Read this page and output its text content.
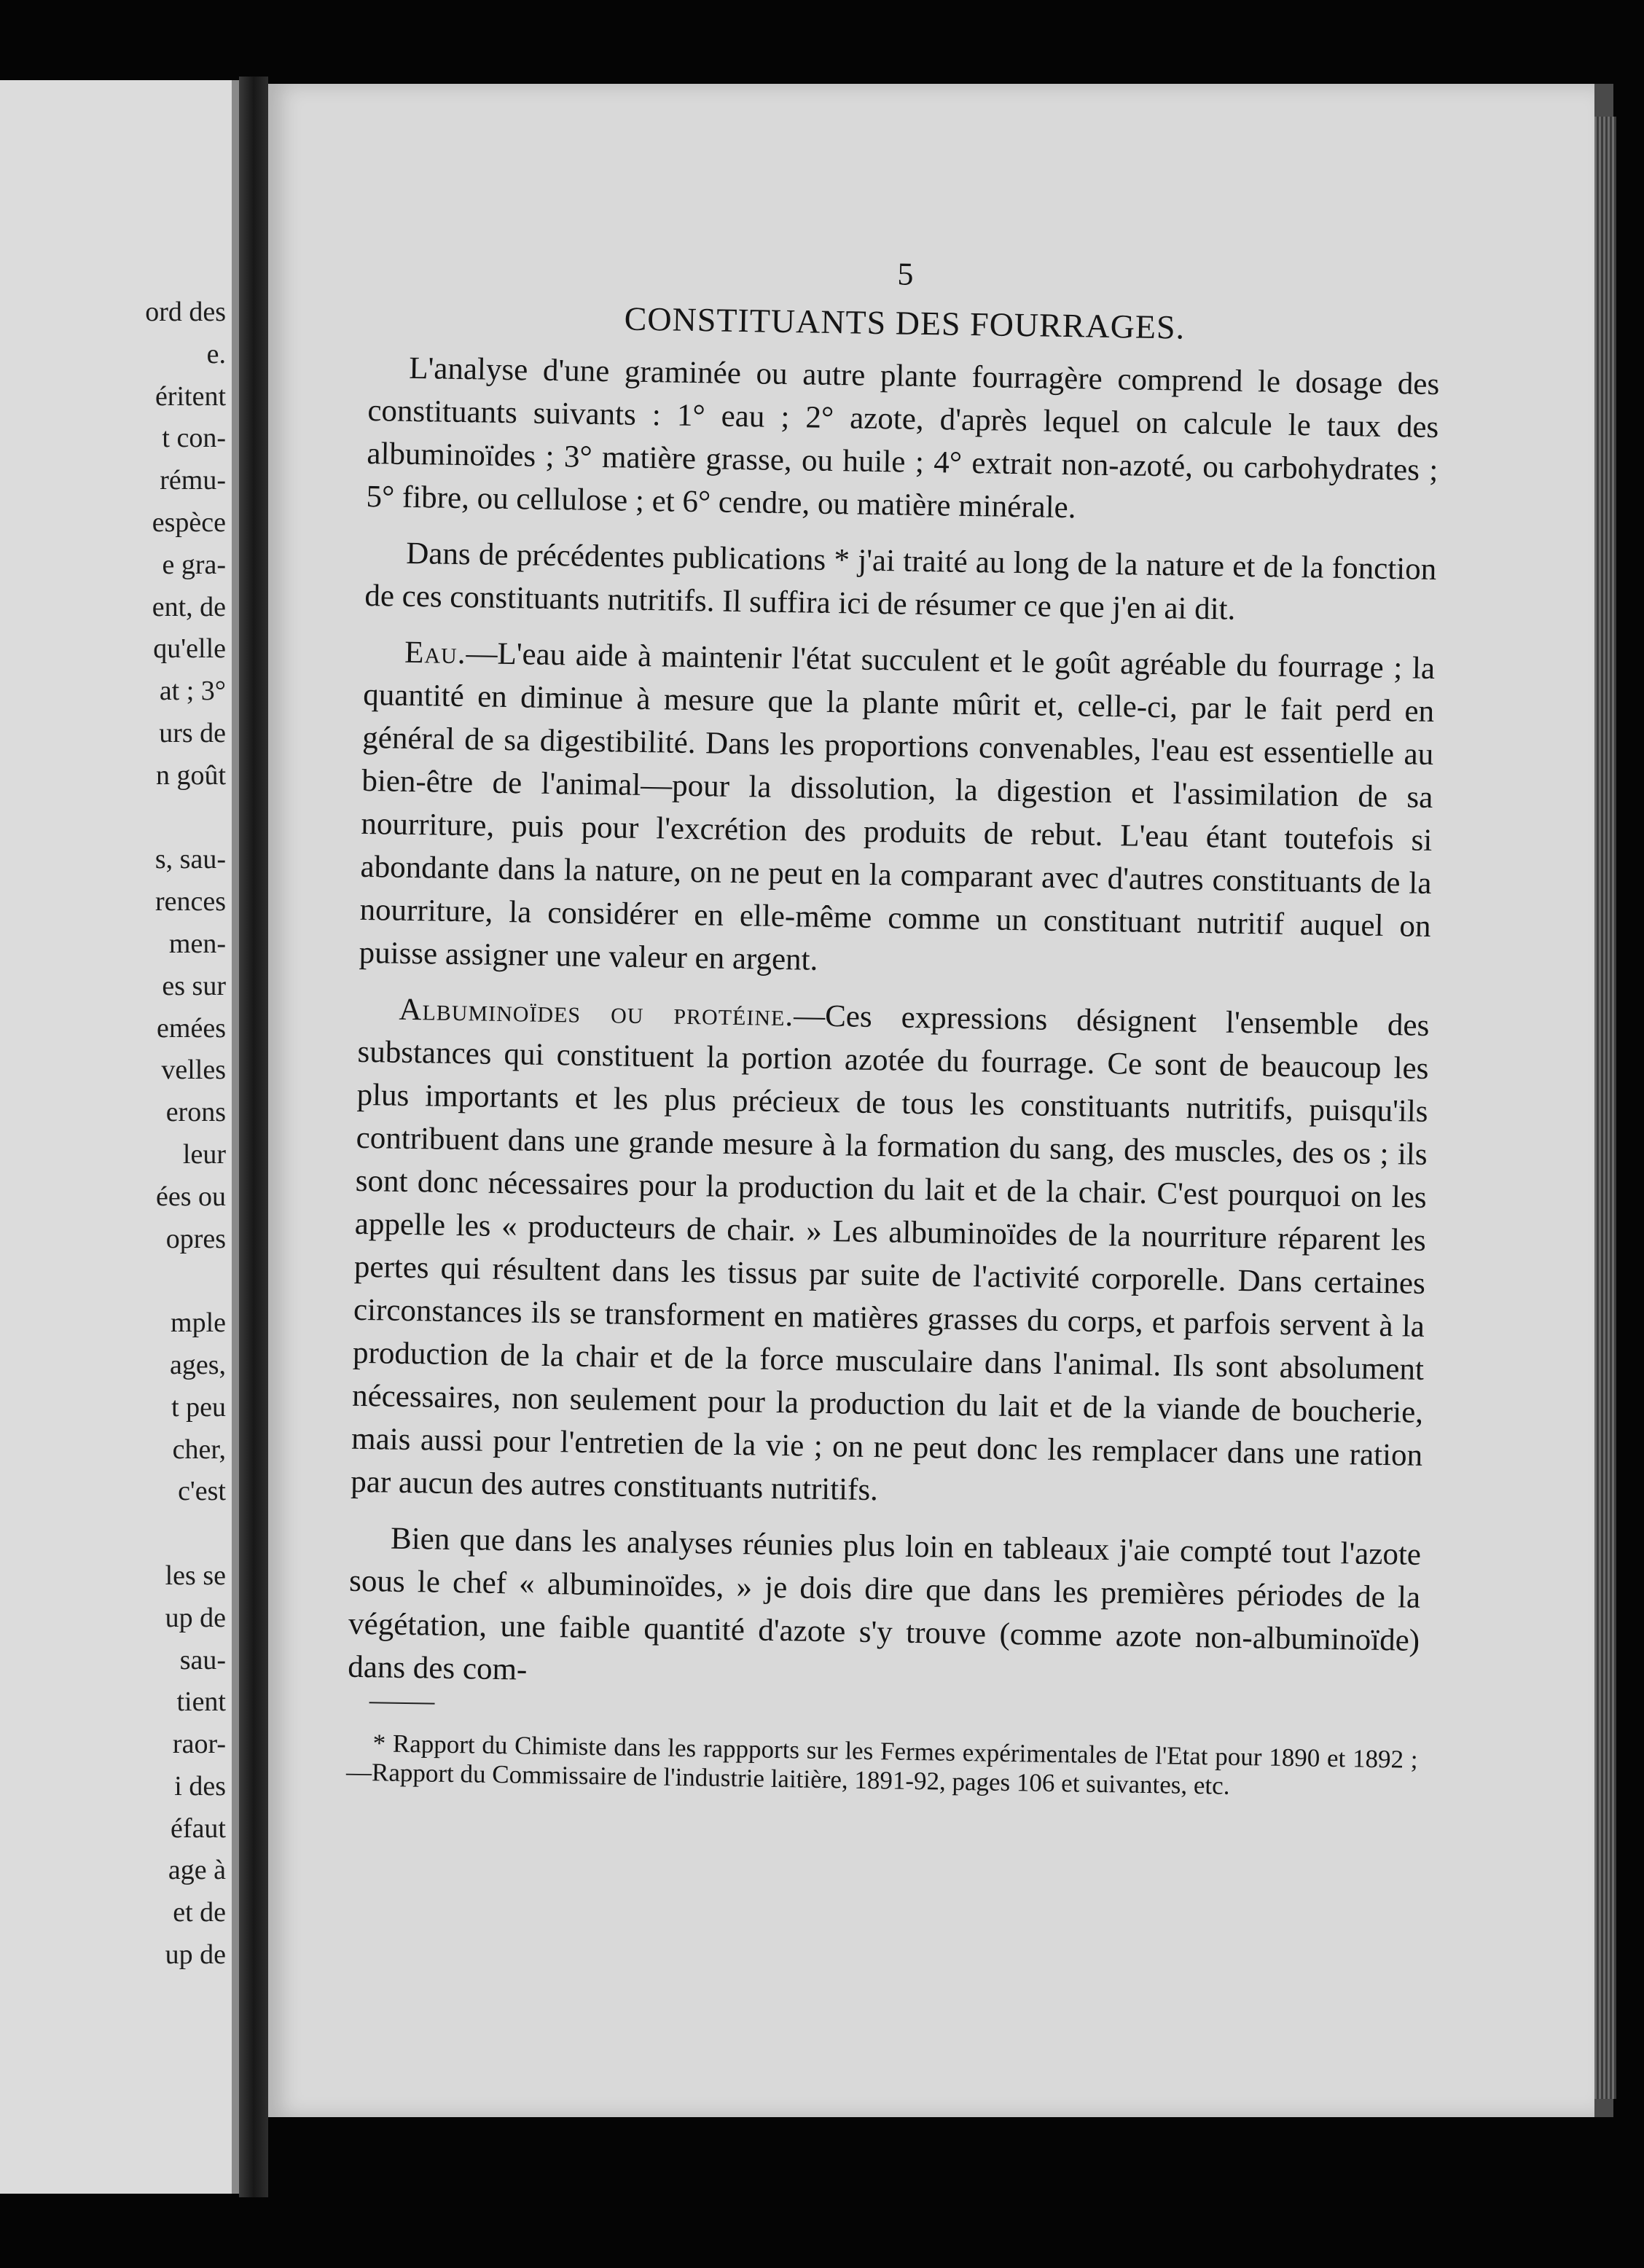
ord des
e.
éritent
t con-
rému-
espèce
e gra-
ent, de
qu'elle
at ; 3°
urs de
n goût

s, sau-
rences
men-
es sur
emées
velles
erons
leur
ées ou
opres

mple
ages,
t peu
cher,
c'est

les se
up de
sau-
tient
raor-
i des
éfaut
age à
et de
up de
5
CONSTITUANTS DES FOURRAGES.

L'analyse d'une graminée ou autre plante fourragère comprend le dosage des constituants suivants : 1° eau ; 2° azote, d'après lequel on calcule le taux des albuminoïdes ; 3° matière grasse, ou huile ; 4° extrait non-azoté, ou carbohydrates ; 5° fibre, ou cellulose ; et 6° cendre, ou matière minérale.

Dans de précédentes publications * j'ai traité au long de la nature et de la fonction de ces constituants nutritifs. Il suffira ici de résumer ce que j'en ai dit.

Eau.—L'eau aide à maintenir l'état succulent et le goût agréable du fourrage ; la quantité en diminue à mesure que la plante mûrit et, celle-ci, par le fait perd en général de sa digestibilité. Dans les proportions convenables, l'eau est essentielle au bien-être de l'animal—pour la dissolution, la digestion et l'assimilation de sa nourriture, puis pour l'excrétion des produits de rebut. L'eau étant toutefois si abondante dans la nature, on ne peut en la comparant avec d'autres constituants de la nourriture, la considérer en elle-même comme un constituant nutritif auquel on puisse assigner une valeur en argent.

Albuminoïdes ou protéine.—Ces expressions désignent l'ensemble des substances qui constituent la portion azotée du fourrage. Ce sont de beaucoup les plus importants et les plus précieux de tous les constituants nutritifs, puisqu'ils contribuent dans une grande mesure à la formation du sang, des muscles, des os ; ils sont donc nécessaires pour la production du lait et de la chair. C'est pourquoi on les appelle les « producteurs de chair. » Les albuminoïdes de la nourriture réparent les pertes qui résultent dans les tissus par suite de l'activité corporelle. Dans certaines circonstances ils se transforment en matières grasses du corps, et parfois servent à la production de la chair et de la force musculaire dans l'animal. Ils sont absolument nécessaires, non seulement pour la production du lait et de la viande de boucherie, mais aussi pour l'entretien de la vie ; on ne peut donc les remplacer dans une ration par aucun des autres constituants nutritifs.

Bien que dans les analyses réunies plus loin en tableaux j'aie compté tout l'azote sous le chef « albuminoïdes, » je dois dire que dans les premières périodes de la végétation, une faible quantité d'azote s'y trouve (comme azote non-albuminoïde) dans des com-

* Rapport du Chimiste dans les rappports sur les Fermes expérimentales de l'Etat pour 1890 et 1892 ;—Rapport du Commissaire de l'industrie laitière, 1891-92, pages 106 et suivantes, etc.
